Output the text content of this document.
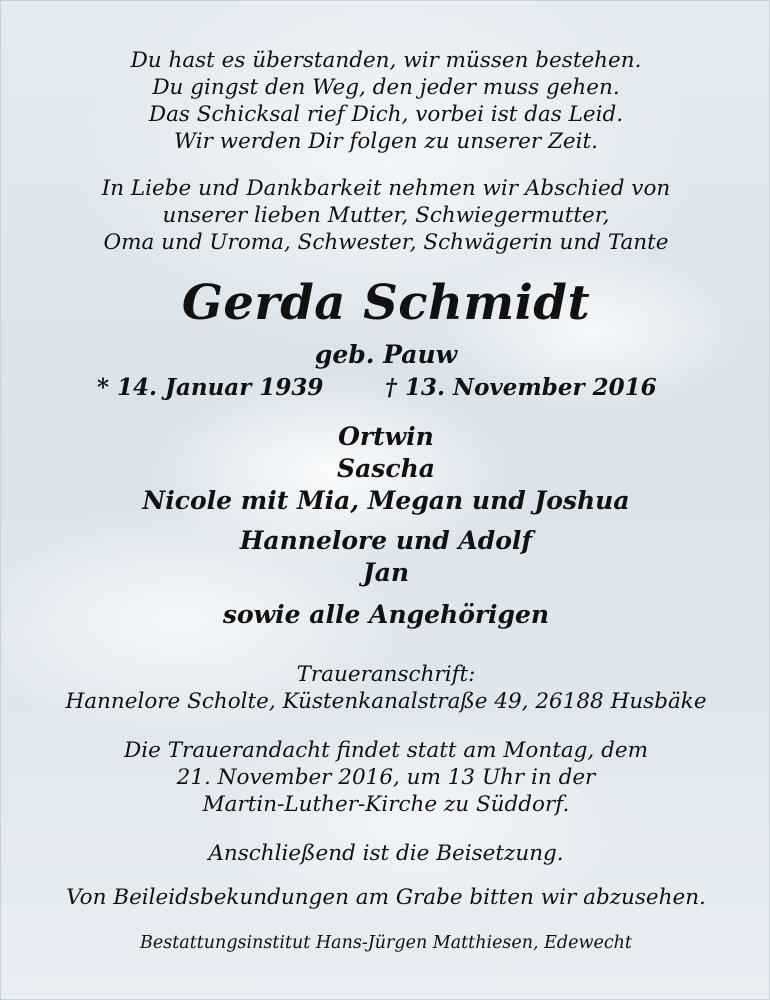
Du hast es überstanden, wir müssen bestehen.
Du gingst den Weg, den jeder muss gehen.
Das Schicksal rief Dich, vorbei ist das Leid.
Wir werden Dir folgen zu unserer Zeit.
In Liebe und Dankbarkeit nehmen wir Abschied von
unserer lieben Mutter, Schwiegermutter,
Oma und Uroma, Schwester, Schwägerin und Tante
Gerda Schmidt
geb. Pauw
* 14. Januar 1939	† 13. November 2016
Ortwin
Sascha
Nicole mit Mia, Megan und Joshua
Hannelore und Adolf
Jan
sowie alle Angehörigen
Traueranschrift:
Hannelore Scholte, Küstenkanalstraße 49, 26188 Husbäke
Die Trauerandacht findet statt am Montag, dem
21. November 2016, um 13 Uhr in der
Martin-Luther-Kirche zu Süddorf.
Anschließend ist die Beisetzung.
Von Beileidsbekundungen am Grabe bitten wir abzusehen.
Bestattungsinstitut Hans-Jürgen Matthiesen, Edewecht
